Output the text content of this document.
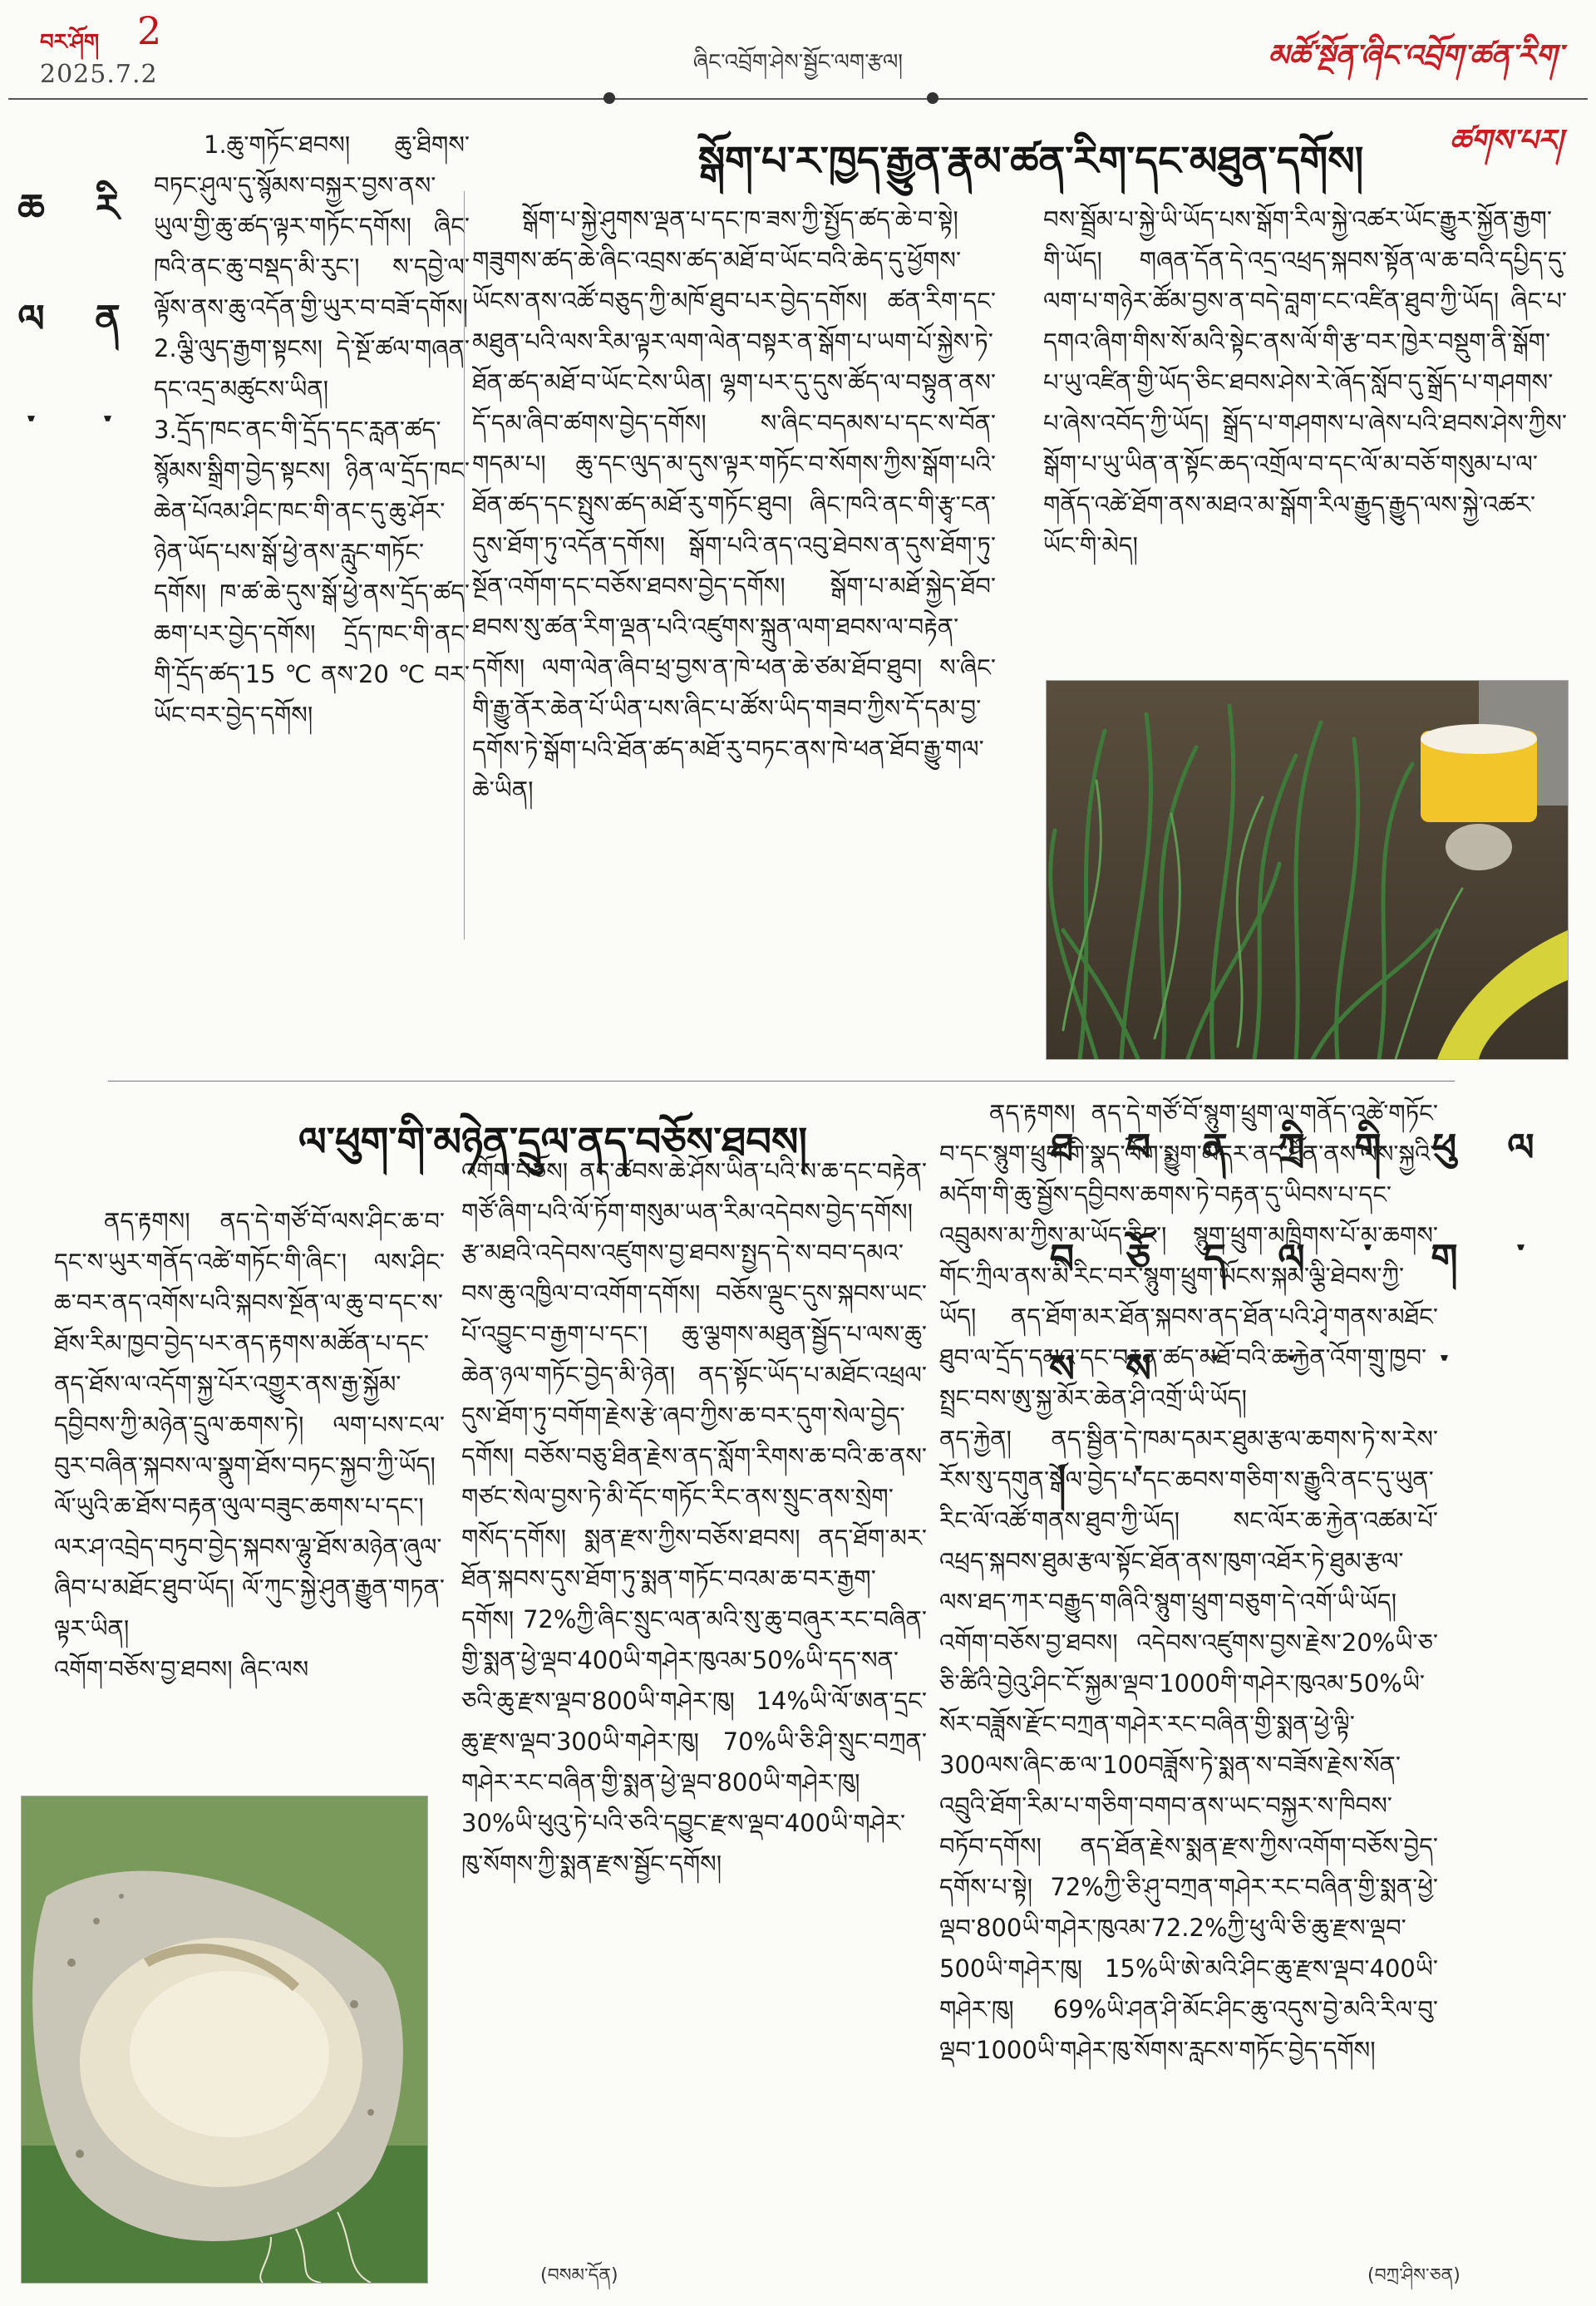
བར་ཤོག 2
2025.7.2	ཞིང་འབྲོག་ཤེས་སྦྱོང་ལག་རྩལ།	མཚོ་སྔོན་ཞིང་འབྲོག་ཚན་རིག་ཚགས་པར།
རིན་ཆལ་
1.ཆུ་གཏོང་ཐབས། ཆུ་ཐིགས་བཏང་ཤུལ་དུ་སྙོམས་བསྐྱར་བྱས་ནས་ཡུལ་གྱི་ཆུ་ཚད་ལྟར་གཏོང་དགོས། ཞིང་ཁའི་ནང་ཆུ་བསྡད་མི་རུང་། ས་དབྱེ་ལ་ལྟོས་ནས་ཆུ་འདོན་གྱི་ཡུར་བ་བཟོ་དགོས།
2.ལྕི་ལུད་རྒྱག་སྟངས། དེ་སྔོ་ཚལ་གཞན་དང་འདྲ་མཚུངས་ཡིན།
3.དྲོད་ཁང་ནང་གི་དྲོད་དང་རླན་ཚད་སྙོམས་སྒྲིག་བྱེད་སྟངས། ཉིན་ལ་དྲོད་ཁང་ཆེན་པོའམ་ཤིང་ཁང་གི་ནང་དུ་ཆུ་ཤོར་ཉེན་ཡོད་པས་སྒོ་ཕྱེ་ནས་རླུང་གཏོང་དགོས། ཁ་ཚ་ཆེ་དུས་སྒོ་ཕྱེ་ནས་དྲོད་ཚད་ཆག་པར་བྱེད་དགོས། དྲོད་ཁང་གི་ནང་གི་དྲོད་ཚད་15℃ནས་20℃བར་ཡོང་བར་བྱེད་དགོས།
སྒོག་པ་ར་ཁྱད་རྒྱུན་རྣམ་ཚན་རིག་དང་མཐུན་དགོས།
སྒོག་པ་སྐྱེ་ཤུགས་ལྡན་པ་དང་ཁ་ཟས་ཀྱི་སྤྱོད་ཚད་ཆེ་བ་སྟེ། གཟུགས་ཚད་ཆེ་ཞིང་འབྲས་ཚད་མཐོ་བ་ཡོང་བའི་ཆེད་དུ་ཕྱོགས་ཡོངས་ནས་འཚོ་བཅུད་ཀྱི་མཁོ་ཐུབ་པར་བྱེད་དགོས། ཚན་རིག་དང་མཐུན་པའི་ལས་རིམ་ལྟར་ལག་ལེན་བསྟར་ན་སྒོག་པ་ཡག་པོ་སྐྱེས་ཏེ་ཐོན་ཚད་མཐོ་བ་ཡོང་ངེས་ཡིན། ལྷག་པར་དུ་དུས་ཚོད་ལ་བསྟུན་ནས་དོ་དམ་ཞིབ་ཚགས་བྱེད་དགོས། ས་ཞིང་བདམས་པ་དང་ས་བོན་གདམ་པ། ཆུ་དང་ལུད་མ་དུས་ལྟར་གཏོང་བ་སོགས་ཀྱིས་སྒོག་པའི་ཐོན་ཚད་དང་སྤུས་ཚད་མཐོ་རུ་གཏོང་ཐུབ། ཞིང་ཁའི་ནང་གི་རྩྭ་ངན་དུས་ཐོག་ཏུ་འདོན་དགོས། སྒོག་པའི་ནད་འབུ་ཐེབས་ན་དུས་ཐོག་ཏུ་སྔོན་འགོག་དང་བཅོས་ཐབས་བྱེད་དགོས། སྒོག་པ་མཐོ་སྐྱེད་ཐོབ་ཐབས་སུ་ཚན་རིག་ལྡན་པའི་འཛུགས་སྐྲུན་ལག་ཐབས་ལ་བརྟེན་དགོས། ལག་ལེན་ཞིབ་ཕྲ་བྱས་ན་ཁེ་ཕན་ཆེ་ཙམ་ཐོབ་ཐུབ། ས་ཞིང་གི་རྒྱུ་ནོར་ཆེན་པོ་ཡིན་པས་ཞིང་པ་ཚོས་ཡིད་གཟབ་ཀྱིས་དོ་དམ་བྱ་དགོས་ཏེ་སྒོག་པའི་ཐོན་ཚད་མཐོ་རུ་བཏང་ནས་ཁེ་ཕན་ཐོབ་རྒྱུ་གལ་ཆེ་ཡིན།
བས་སྦྲོམ་པ་སྐྱེ་ཡི་ཡོད་པས་སྒོག་རིལ་སྐྱེ་འཚར་ཡོང་རྒྱུར་སྐྱོན་རྒྱག་གི་ཡོད། གཞན་དོན་དེ་འདྲ་འཕྲད་སྐབས་སྟོན་ལ་ཆ་བའི་དཔྱིད་དུ་ལག་པ་གཉེར་ཚོམ་བྱས་ན་བདེ་བླག་ངང་འཛིན་ཐུབ་ཀྱི་ཡོད། ཞིང་པ་དགའ་ཞིག་གིས་སོ་མའི་སྟེང་ནས་ལོ་གི་རྩ་བར་ཁྱེར་བསྡུག་ནི་སྒོག་པ་ཡུ་འཛིན་གྱི་ཡོད་ཅིང་ཐབས་ཤེས་རེ་ཞོད་སློབ་དུ་སྒྲོད་པ་གཤགས་པ་ཞེས་འབོད་ཀྱི་ཡོད། སྒྲོད་པ་གཤགས་པ་ཞེས་པའི་ཐབས་ཤེས་ཀྱིས་སྒོག་པ་ཡུ་ཡིན་ན་སྟོང་ཆད་འགྲོལ་བ་དང་ལོ་མ་བཅོ་གསུམ་པ་ལ་གནོད་འཚེ་ཐོག་ནས་མཐའ་མ་སྒོག་རིལ་རྒྱུད་རྒྱུད་ལས་སྐྱེ་འཚར་ཡོང་གི་མེད།
ལ་ཕུག་གི་མཉེན་དྲུལ་ནད་བཅོས་ཐབས།
ནད་རྟགས། ནད་དེ་གཙོ་བོ་ལས་ཤིང་ཆ་བ་དང་ས་ཡུར་གནོད་འཚེ་གཏོང་གི་ཞིང་། ལས་ཤིང་ཆ་བར་ནད་འགོས་པའི་སྐབས་སྔོན་ལ་ཆུ་བ་དང་ས་ཐོས་རིམ་ཁྱབ་བྱེད་པར་ནད་རྟགས་མཚོན་པ་དང་ནད་ཐོས་ལ་འདོག་སྐྱ་པོར་འགྱུར་ནས་རྒྱ་སྐྱོམ་དབྱིབས་ཀྱི་མཉེན་དྲུལ་ཆགས་ཏེ། ལག་པས་ངལ་བུར་བཞིན་སྐབས་ལ་སྣུག་ཐོས་བཏང་སྐྱབ་ཀྱི་ཡོད། ལོ་ཡུའི་ཆ་ཐོས་བརྟན་ལུལ་བཟུང་ཆགས་པ་དང་། ལར་ཤ་འབྲེད་བཏུབ་བྱེད་སྐབས་ལྷུ་ཐོས་མཉེན་ཞུལ་ཞིབ་པ་མཐོང་ཐུབ་ཡོད། ལོ་ཀུང་སྐྱེ་ཤུན་རྒྱུན་གཏན་ལྟར་ཡིན།
འགོག་བཅོས་བྱ་ཐབས། ཞིང་ལས
འགོག་བཅོས། ནད་ཚབས་ཆེ་ཤོས་ཡིན་པའི་ས་ཆ་དང་བརྟེན་གཙོ་ཞིག་པའི་ལོ་ཏོག་གསུམ་ཡན་རིམ་འདེབས་བྱེད་དགོས། རྩ་མཐའི་འདེབས་འཛུགས་བྱ་ཐབས་སྤྱད་དེ་ས་བབ་དམའ་བས་ཆུ་འཁྱིལ་བ་འགོག་དགོས། བཅོས་ལྡུང་དུས་སྐབས་ཡང་པོ་འབྱུང་བ་རྒྱག་པ་དང་། ཆུ་ལྕགས་མཐུན་སྦྱོད་པ་ལས་ཆུ་ཆེན་ཉལ་གཏོང་བྱེད་མི་ཉེན། ནད་སྟོང་ཡོད་པ་མཐོང་འཕྲལ་དུས་ཐོག་ཏུ་བགོག་རྗེས་རྩེ་ཞབ་ཀྱིས་ཆ་བར་དུག་སེལ་བྱེད་དགོས། བཅོས་བཅུ་ཐིན་རྗེས་ནད་སློག་རིགས་ཆ་བའི་ཆ་ནས་གཙང་སེལ་བྱས་ཏེ་མི་དོང་གཏོང་རིང་ནས་སྲུང་ནས་སྲེག་གསོད་དགོས། སྨན་རྫས་ཀྱིས་བཅོས་ཐབས། ནད་ཐོག་མར་ཐོན་སྐབས་དུས་ཐོག་ཏུ་སྨན་གཏོང་བའམ་ཆ་བར་རྒྱག་དགོས། 72%ཀྱི་ཞིང་སྲུང་ལན་མའི་སུ་ཆུ་བཞུར་རང་བཞིན་གྱི་སྨན་ཕྱེ་ལྡབ་400ཡི་གཤེར་ཁུའམ་50%ཡི་དད་སན་ཅའི་ཆུ་རྫས་ལྡབ་800ཡི་གཤེར་ཁུ། 14%ཡི་ལོ་ཨན་དྲང་ཆུ་རྫས་ལྡབ་300ཡི་གཤེར་ཁུ། 70%ཡི་ཅི་ཤི་སྲུང་བཀྲན་གཤེར་རང་བཞིན་གྱི་སྨན་ཕྱེ་ལྡབ་800ཡི་གཤེར་ཁུ། 30%ཡི་ཕུའུ་ཏེ་པའི་ཅའི་དབྱུང་རྫས་ལྡབ་400ཡི་གཤེར་ཁུ་སོགས་ཀྱི་སྨན་རྫས་སྦྱོང་དགོས།
(བསམ་དོན)
ནད་རྟགས། ནད་དེ་གཙོ་བོ་སྙུག་ཕྲུག་ལ་གནོད་འཚེ་གཏོང་བ་དང་སྙུག་ཕྲུག་གི་སྣད་ལོག་སྨྱུག་མདར་ནད་ཐོན་ནས་ལས་སྐྱའི་མདོག་གི་ཆུ་སྦྱོས་དབྱིབས་ཆགས་ཏེ་བརྟན་དུ་ཡིབས་པ་དང་འབྲུམས་མ་ཀྱིས་མ་ཡོད་ཅིང་། སྙུག་ཕྲུག་མཁྲིགས་པོ་མ་ཆགས་གོང་ཀྲིལ་ནས་མི་རིང་བར་སྙུག་ཕྲུག་ཡོངས་སྐམ་ལྕི་ཐེབས་ཀྱི་ཡོད། ནད་ཐོག་མར་ཐོན་སྐབས་ནད་ཐོན་པའི་ཤྭེ་གནས་མཐོང་ཐུབ་ལ་དྲོད་དམའ་དང་བརྟན་ཚད་མཐོ་བའི་ཆ་རྐྱེན་འོག་གྲུ་ཁྱབ་སྤྲང་བས་ཨུ་སྐྱ་མོར་ཆེན་ཤི་འགྲོ་ཡི་ཡོད།
ནད་རྐྱེན། ནད་སྦྱིན་དེ་ཁམ་དམར་ཐུམ་རྩལ་ཆགས་ཏེ་ས་རེས་རོས་སུ་དགུན་སྒོལ་བྱེད་པ་དང་ཆབས་གཅིག་ས་རྒྱུའི་ནང་དུ་ཡུན་རིང་ལོ་འཚོ་གནས་ཐུབ་ཀྱི་ཡོད། སང་ལོར་ཆ་རྐྱེན་འཚམ་པོ་འཕྲད་སྐབས་ཐུམ་རྩལ་སྟོང་ཐོན་ནས་ཁུག་འཐོར་ཏེ་ཐུམ་རྩལ་ལས་ཐད་ཀར་བརྒྱུད་གཞིའི་སྙུག་ཕྲུག་བཅུག་དེ་འགོ་ཡི་ཡོད།
འགོག་བཅོས་བྱ་ཐབས། འདེབས་འཛུགས་བྱས་རྗེས་20%ཡི་ཅ་ཅི་ཚིའི་བྱེའུ་ཤིང་ངོ་སྐྱམ་ལྡབ་1000གི་གཤེར་ཁུའམ་50%ཡི་སོར་བཟློས་རྫོང་བཀྲན་གཤེར་རང་བཞིན་གྱི་སྨན་ཕྱེ་ལྟི་300ལས་ཞིང་ཆ་ལ་100བཟློས་ཏེ་སྨན་ས་བཟོས་རྗེས་སོན་འབྲུའི་ཐོག་རིམ་པ་གཅིག་བགབ་ནས་ཡང་བསྐྱར་ས་ཁིབས་བཏོབ་དགོས། ནད་ཐོན་རྗེས་སྨན་རྫས་ཀྱིས་འགོག་བཅོས་བྱེད་དགོས་པ་སྟེ། 72%ཀྱི་ཅི་ཤུ་བཀྲན་གཤེར་རང་བཞིན་གྱི་སྨན་ཕྱེ་ལྡབ་800ཡི་གཤེར་ཁུའམ་72.2%ཀྱི་ཕུ་ལི་ཅི་ཆུ་རྫས་ལྡབ་500ཡི་གཤེར་ཁུ། 15%ཡི་ཨེ་མའི་ཤིང་ཆུ་རྫས་ལྡབ་400ཡི་གཤེར་ཁུ། 69%ཡི་ཤན་ཤི་མོང་ཤིང་ཆུ་འདུས་བྱེ་མའི་རིལ་བུ་ལྡབ་1000ཡི་གཤེར་ཁུ་སོགས་རླངས་གཏོང་བྱེད་དགོས།
ལ་ཕུག་གི་ཀྲིལ་ནད་བཅོས་ཐབས།
(བཀྲ་ཤིས་ཅན)
